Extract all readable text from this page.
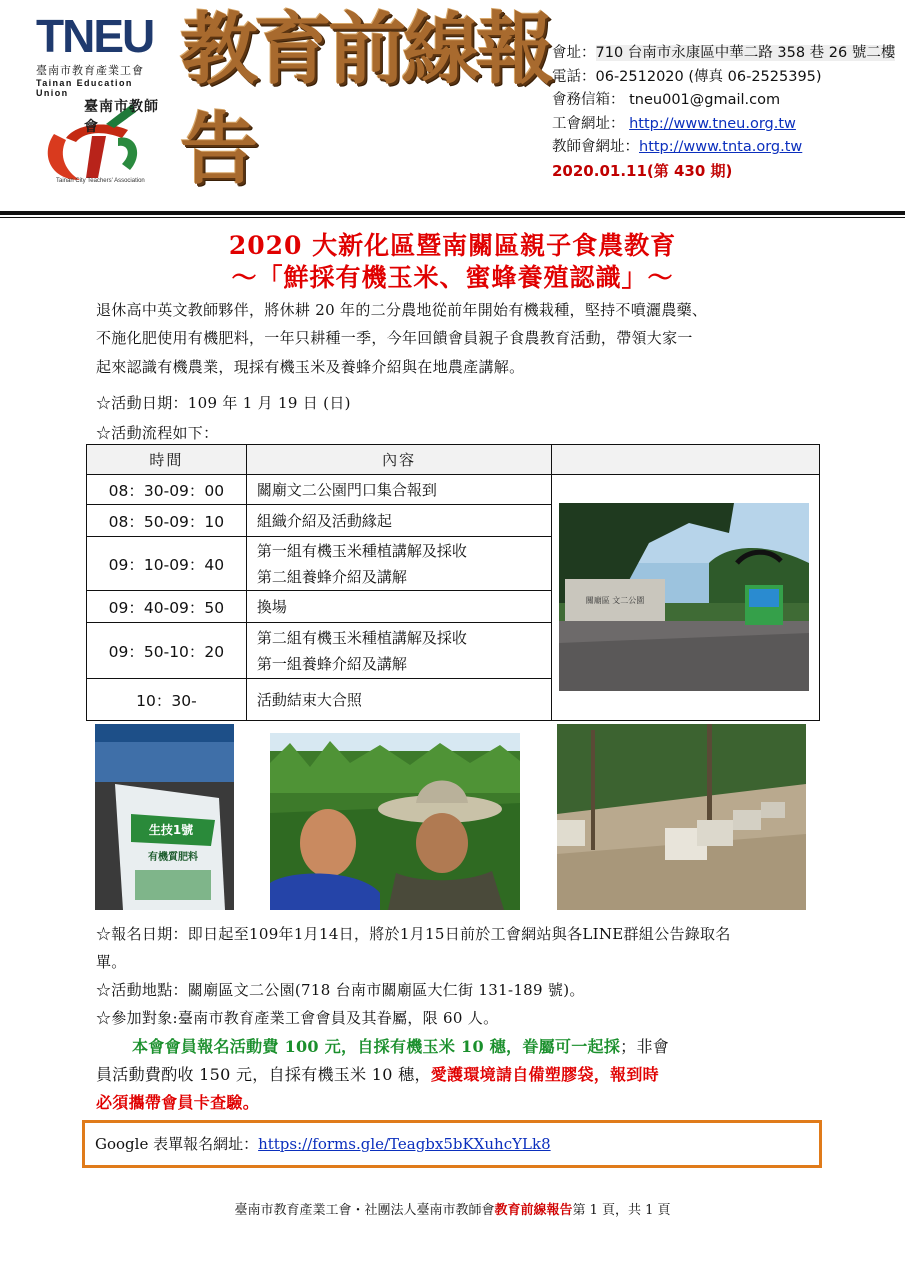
TNEU
臺南市教育產業工會
Tainan Education Union
臺南市教師會
Tainan City Teachers' Association
教育前線報告
會址：710 台南市永康區中華二路 358 巷 26 號二樓
電話：06-2512020 (傳真 06-2525395)
會務信箱： tneu001@gmail.com
工會網址： http://www.tneu.org.tw
教師會網址：http://www.tnta.org.tw
2020.01.11(第 430 期)
2020 大新化區暨南關區親子食農教育
～「鮮採有機玉米、蜜蜂養殖認識」～
退休高中英文教師夥伴，將休耕 20 年的二分農地從前年開始有機栽種，堅持不噴灑農藥、
不施化肥使用有機肥料，一年只耕種一季，今年回饋會員親子食農教育活動，帶領大家一
起來認識有機農業，現採有機玉米及養蜂介紹與在地農產講解。
☆活動日期：109 年 1 月 19 日 (日)
☆活動流程如下：
時間	內容	
08：30-09：00	關廟文二公園門口集合報到	關廟區 文二公園

08：50-09：10	組織介紹及活動緣起	

09：10-09：40	第一組有機玉米種植講解及採收
第二組養蜂介紹及講解	

09：40-09：50	換場	

09：50-10：20	第二組有機玉米種植講解及採收
第一組養蜂介紹及講解	

10：30-	活動結束大合照	
生技1號
有機質肥料
☆報名日期：即日起至109年1月14日，將於1月15日前於工會網站與各LINE群組公告錄取名
單。
☆活動地點：關廟區文二公園(718 台南市關廟區大仁街 131-189 號)。
☆參加對象:臺南市教育產業工會會員及其眷屬，限 60 人。
本會會員報名活動費 100 元，自採有機玉米 10 穗，眷屬可一起採；非會
員活動費酌收 150 元，自採有機玉米 10 穗，愛護環境請自備塑膠袋，報到時
必須攜帶會員卡查驗。
Google 表單報名網址：https://forms.gle/Teagbx5bKXuhcYLk8
臺南市教育產業工會・社團法人臺南市教師會教育前線報告第 1 頁，共 1 頁
